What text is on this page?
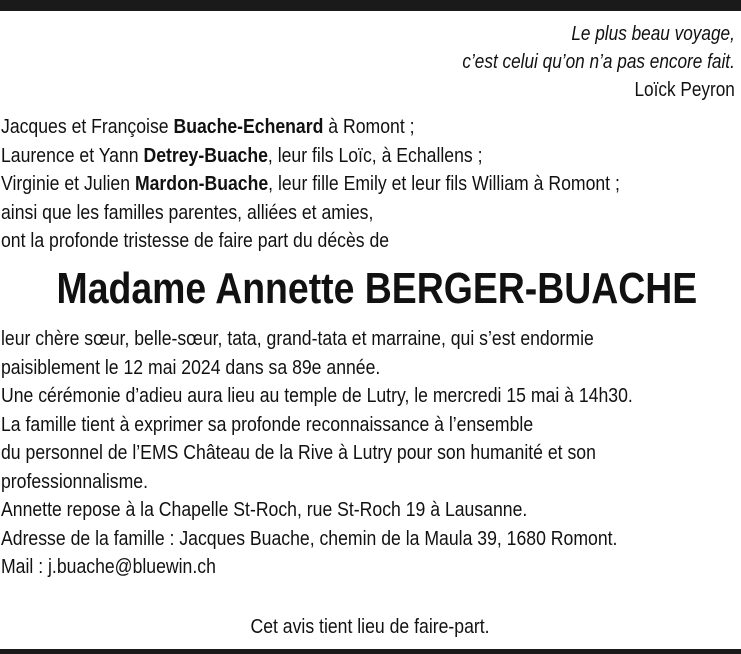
Le plus beau voyage,
c’est celui qu’on n’a pas encore fait.
Loïck Peyron
Jacques et Françoise Buache-Echenard à Romont ;
Laurence et Yann Detrey-Buache, leur fils Loïc, à Echallens ;
Virginie et Julien Mardon-Buache, leur fille Emily et leur fils William à Romont ;
ainsi que les familles parentes, alliées et amies,
ont la profonde tristesse de faire part du décès de
Madame Annette BERGER-BUACHE
leur chère sœur, belle-sœur, tata, grand-tata et marraine, qui s’est endormie
paisiblement le 12 mai 2024 dans sa 89e année.
Une cérémonie d’adieu aura lieu au temple de Lutry, le mercredi 15 mai à 14h30.
La famille tient à exprimer sa profonde reconnaissance à l’ensemble
du personnel de l’EMS Château de la Rive à Lutry pour son humanité et son
professionnalisme.
Annette repose à la Chapelle St-Roch, rue St-Roch 19 à Lausanne.
Adresse de la famille : Jacques Buache, chemin de la Maula 39, 1680 Romont.
Mail : j.buache@bluewin.ch
Cet avis tient lieu de faire-part.
